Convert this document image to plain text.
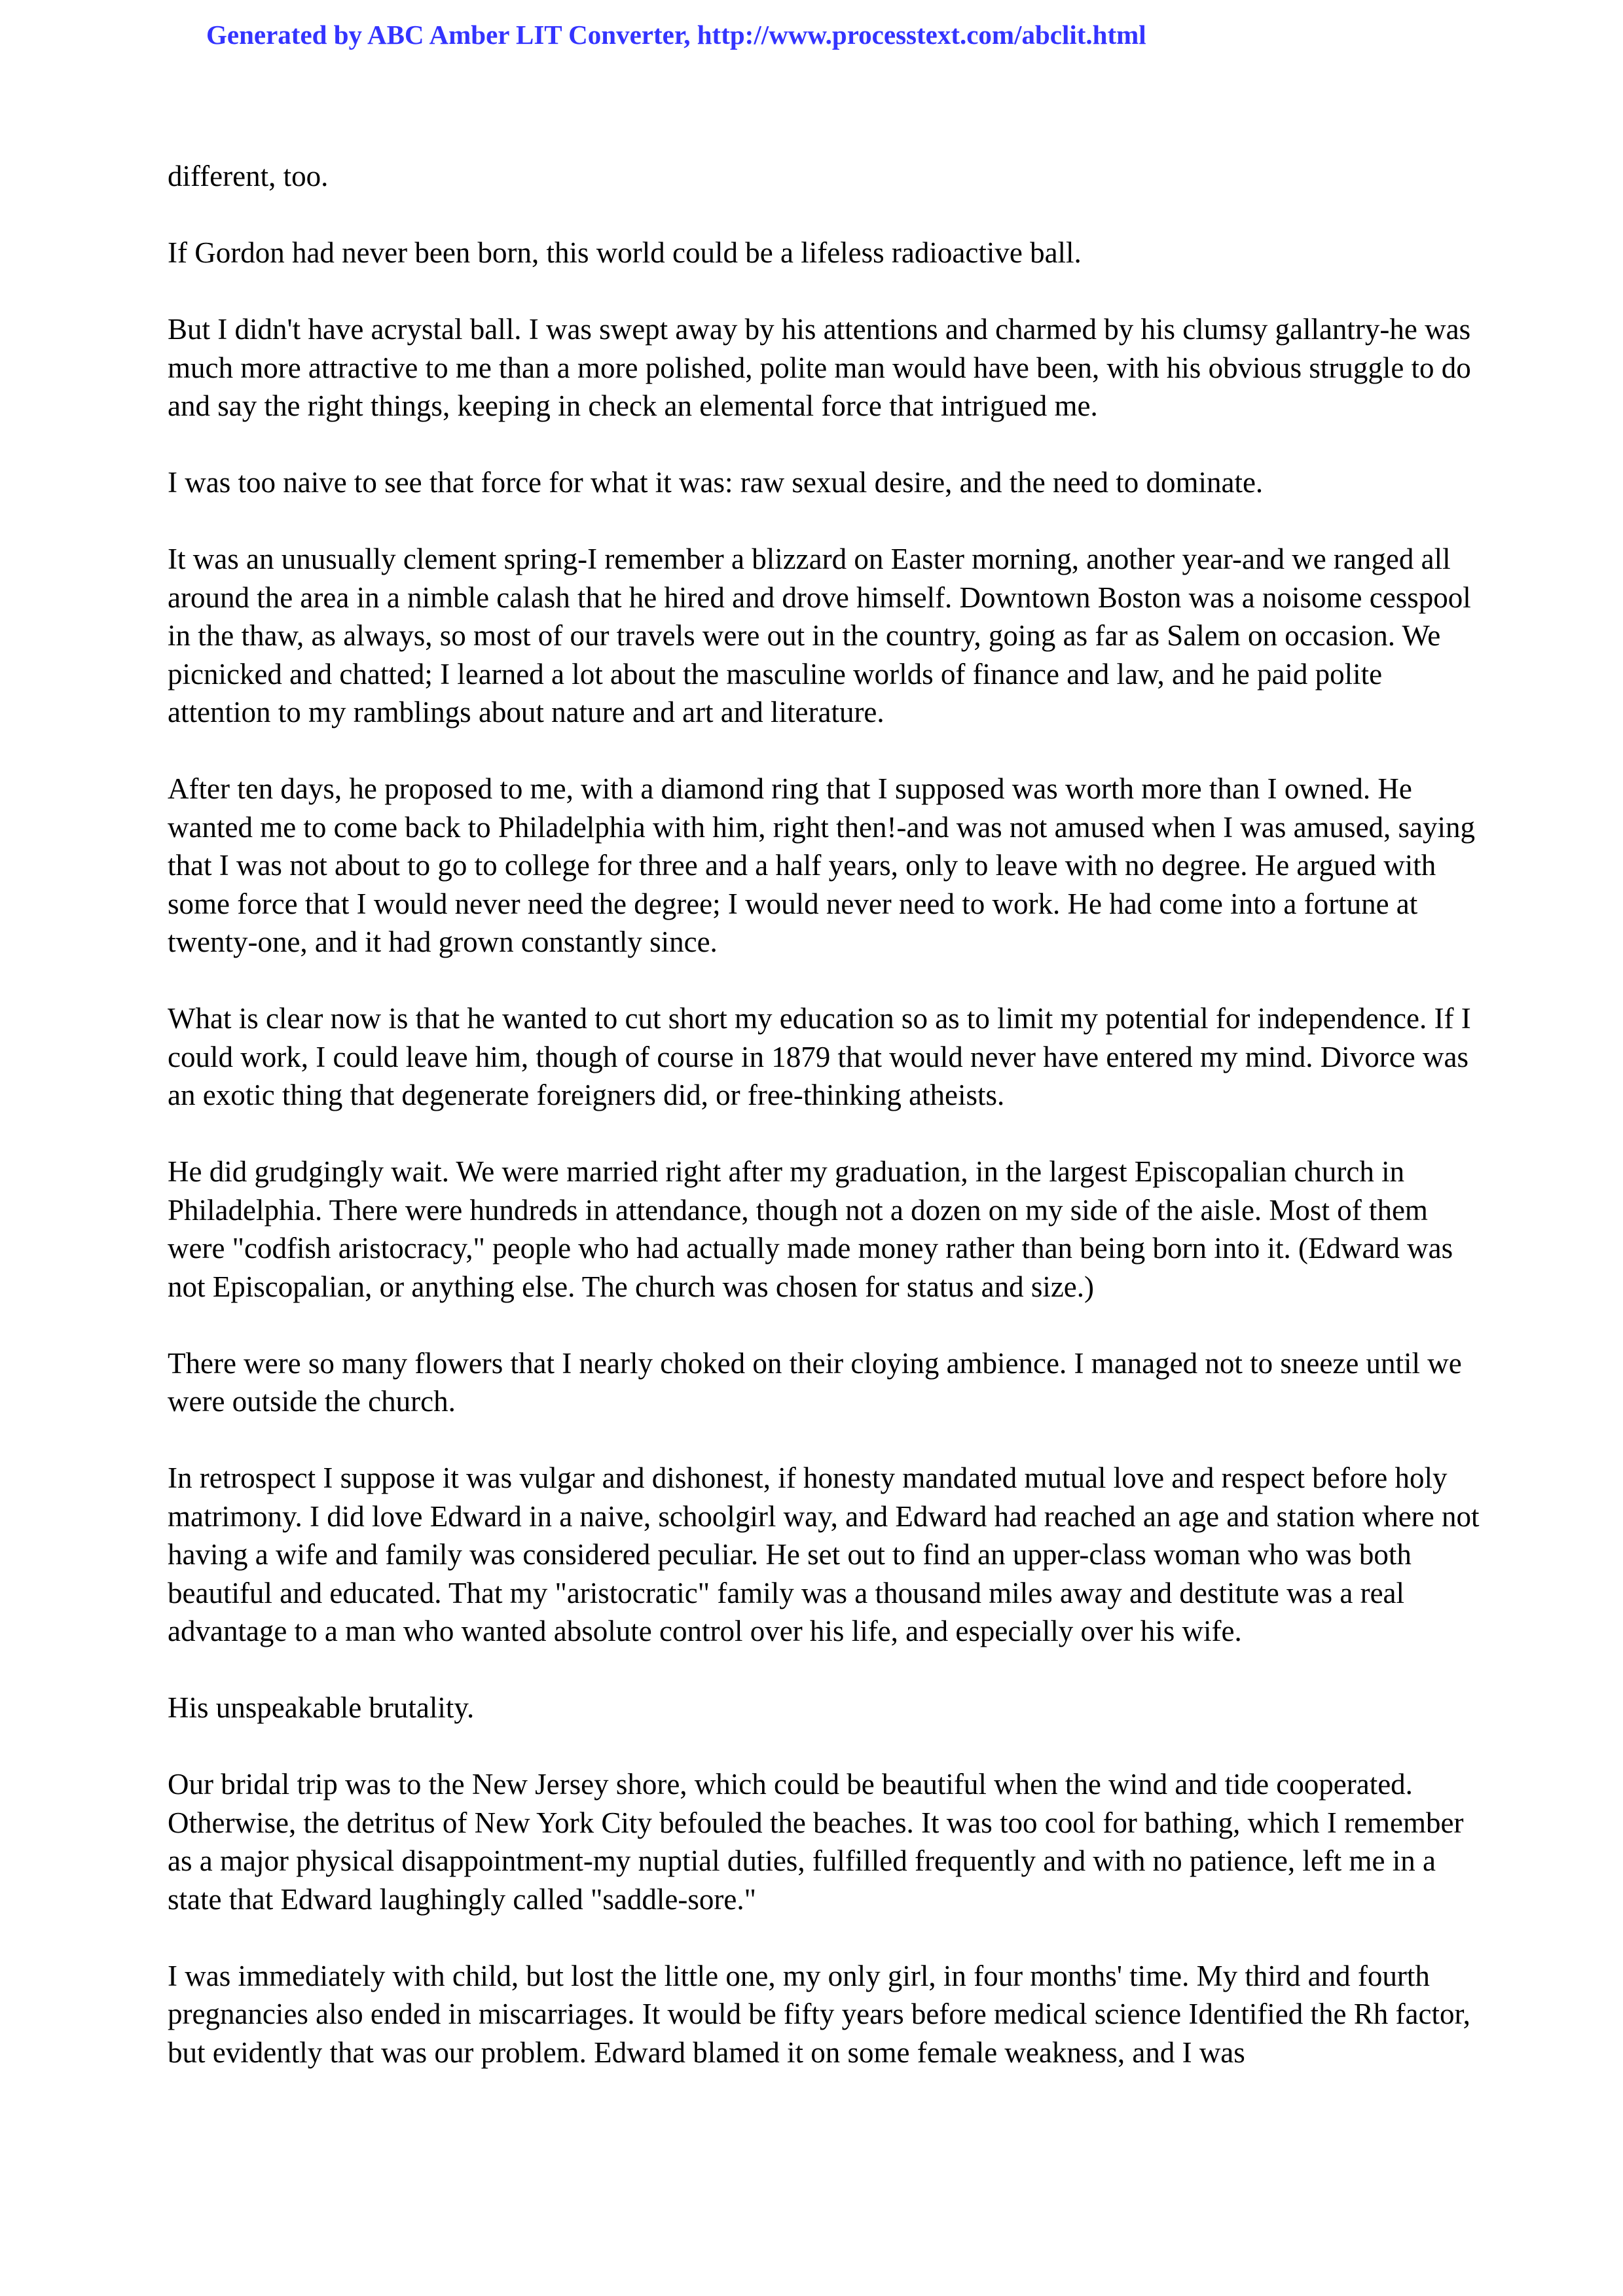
Generated by ABC Amber LIT Converter, http://www.processtext.com/abclit.html

different, too.

If Gordon had never been born, this world could be a lifeless radioactive ball.

But I didn't have acrystal ball. I was swept away by his attentions and charmed by his clumsy gallantry-he was much more attractive to me than a more polished, polite man would have been, with his obvious struggle to do and say the right things, keeping in check an elemental force that intrigued me.

I was too naive to see that force for what it was: raw sexual desire, and the need to dominate.

It was an unusually clement spring-I remember a blizzard on Easter morning, another year-and we ranged all around the area in a nimble calash that he hired and drove himself. Downtown Boston was a noisome cesspool in the thaw, as always, so most of our travels were out in the country, going as far as Salem on occasion. We picnicked and chatted; I learned a lot about the masculine worlds of finance and law, and he paid polite attention to my ramblings about nature and art and literature.

After ten days, he proposed to me, with a diamond ring that I supposed was worth more than I owned. He wanted me to come back to Philadelphia with him, right then!-and was not amused when I was amused, saying that I was not about to go to college for three and a half years, only to leave with no degree. He argued with some force that I would never need the degree; I would never need to work. He had come into a fortune at twenty-one, and it had grown constantly since.

What is clear now is that he wanted to cut short my education so as to limit my potential for independence. If I could work, I could leave him, though of course in 1879 that would never have entered my mind. Divorce was an exotic thing that degenerate foreigners did, or free-thinking atheists.

He did grudgingly wait. We were married right after my graduation, in the largest Episcopalian church in Philadelphia. There were hundreds in attendance, though not a dozen on my side of the aisle. Most of them were "codfish aristocracy," people who had actually made money rather than being born into it. (Edward was not Episcopalian, or anything else. The church was chosen for status and size.)

There were so many flowers that I nearly choked on their cloying ambience. I managed not to sneeze until we were outside the church.

In retrospect I suppose it was vulgar and dishonest, if honesty mandated mutual love and respect before holy matrimony. I did love Edward in a naive, schoolgirl way, and Edward had reached an age and station where not having a wife and family was considered peculiar. He set out to find an upper-class woman who was both beautiful and educated. That my "aristocratic" family was a thousand miles away and destitute was a real advantage to a man who wanted absolute control over his life, and especially over his wife.

His unspeakable brutality.

Our bridal trip was to the New Jersey shore, which could be beautiful when the wind and tide cooperated. Otherwise, the detritus of New York City befouled the beaches. It was too cool for bathing, which I remember as a major physical disappointment-my nuptial duties, fulfilled frequently and with no patience, left me in a state that Edward laughingly called "saddle-sore."

I was immediately with child, but lost the little one, my only girl, in four months' time. My third and fourth pregnancies also ended in miscarriages. It would be fifty years before medical science Identified the Rh factor, but evidently that was our problem. Edward blamed it on some female weakness, and I was
